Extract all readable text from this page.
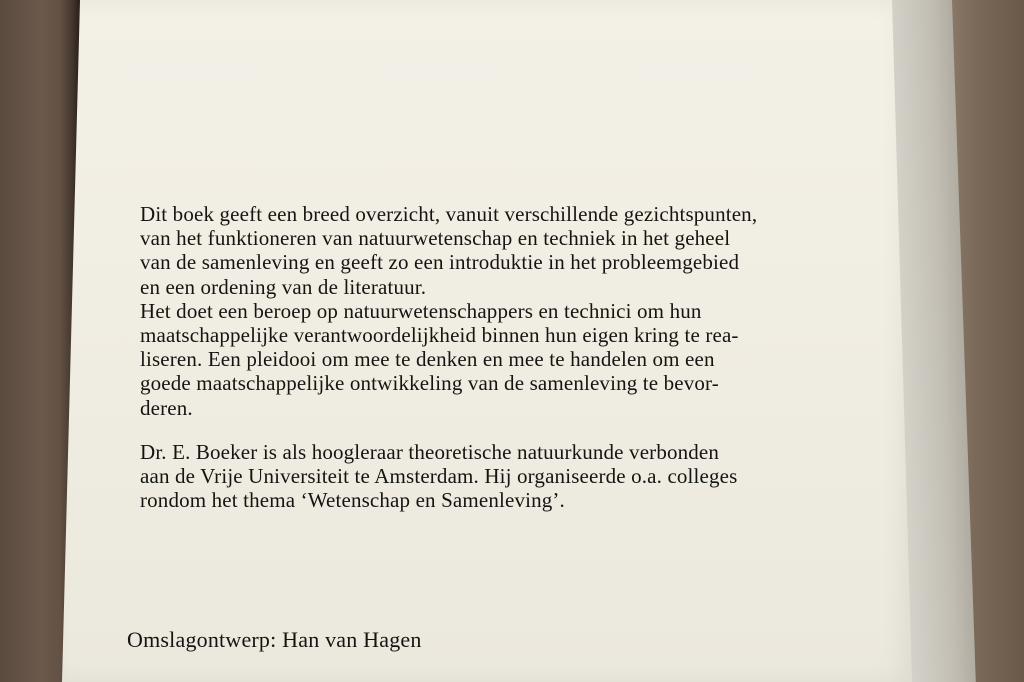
Dit boek geeft een breed overzicht, vanuit verschillende gezichtspunten,
van het funktioneren van natuurwetenschap en techniek in het geheel
van de samenleving en geeft zo een introduktie in het probleemgebied
en een ordening van de literatuur.
Het doet een beroep op natuurwetenschappers en technici om hun
maatschappelijke verantwoordelijkheid binnen hun eigen kring te rea-
liseren. Een pleidooi om mee te denken en mee te handelen om een
goede maatschappelijke ontwikkeling van de samenleving te bevor-
deren.
Dr. E. Boeker is als hoogleraar theoretische natuurkunde verbonden
aan de Vrije Universiteit te Amsterdam. Hij organiseerde o.a. colleges
rondom het thema ‘Wetenschap en Samenleving’.
Omslagontwerp: Han van Hagen
